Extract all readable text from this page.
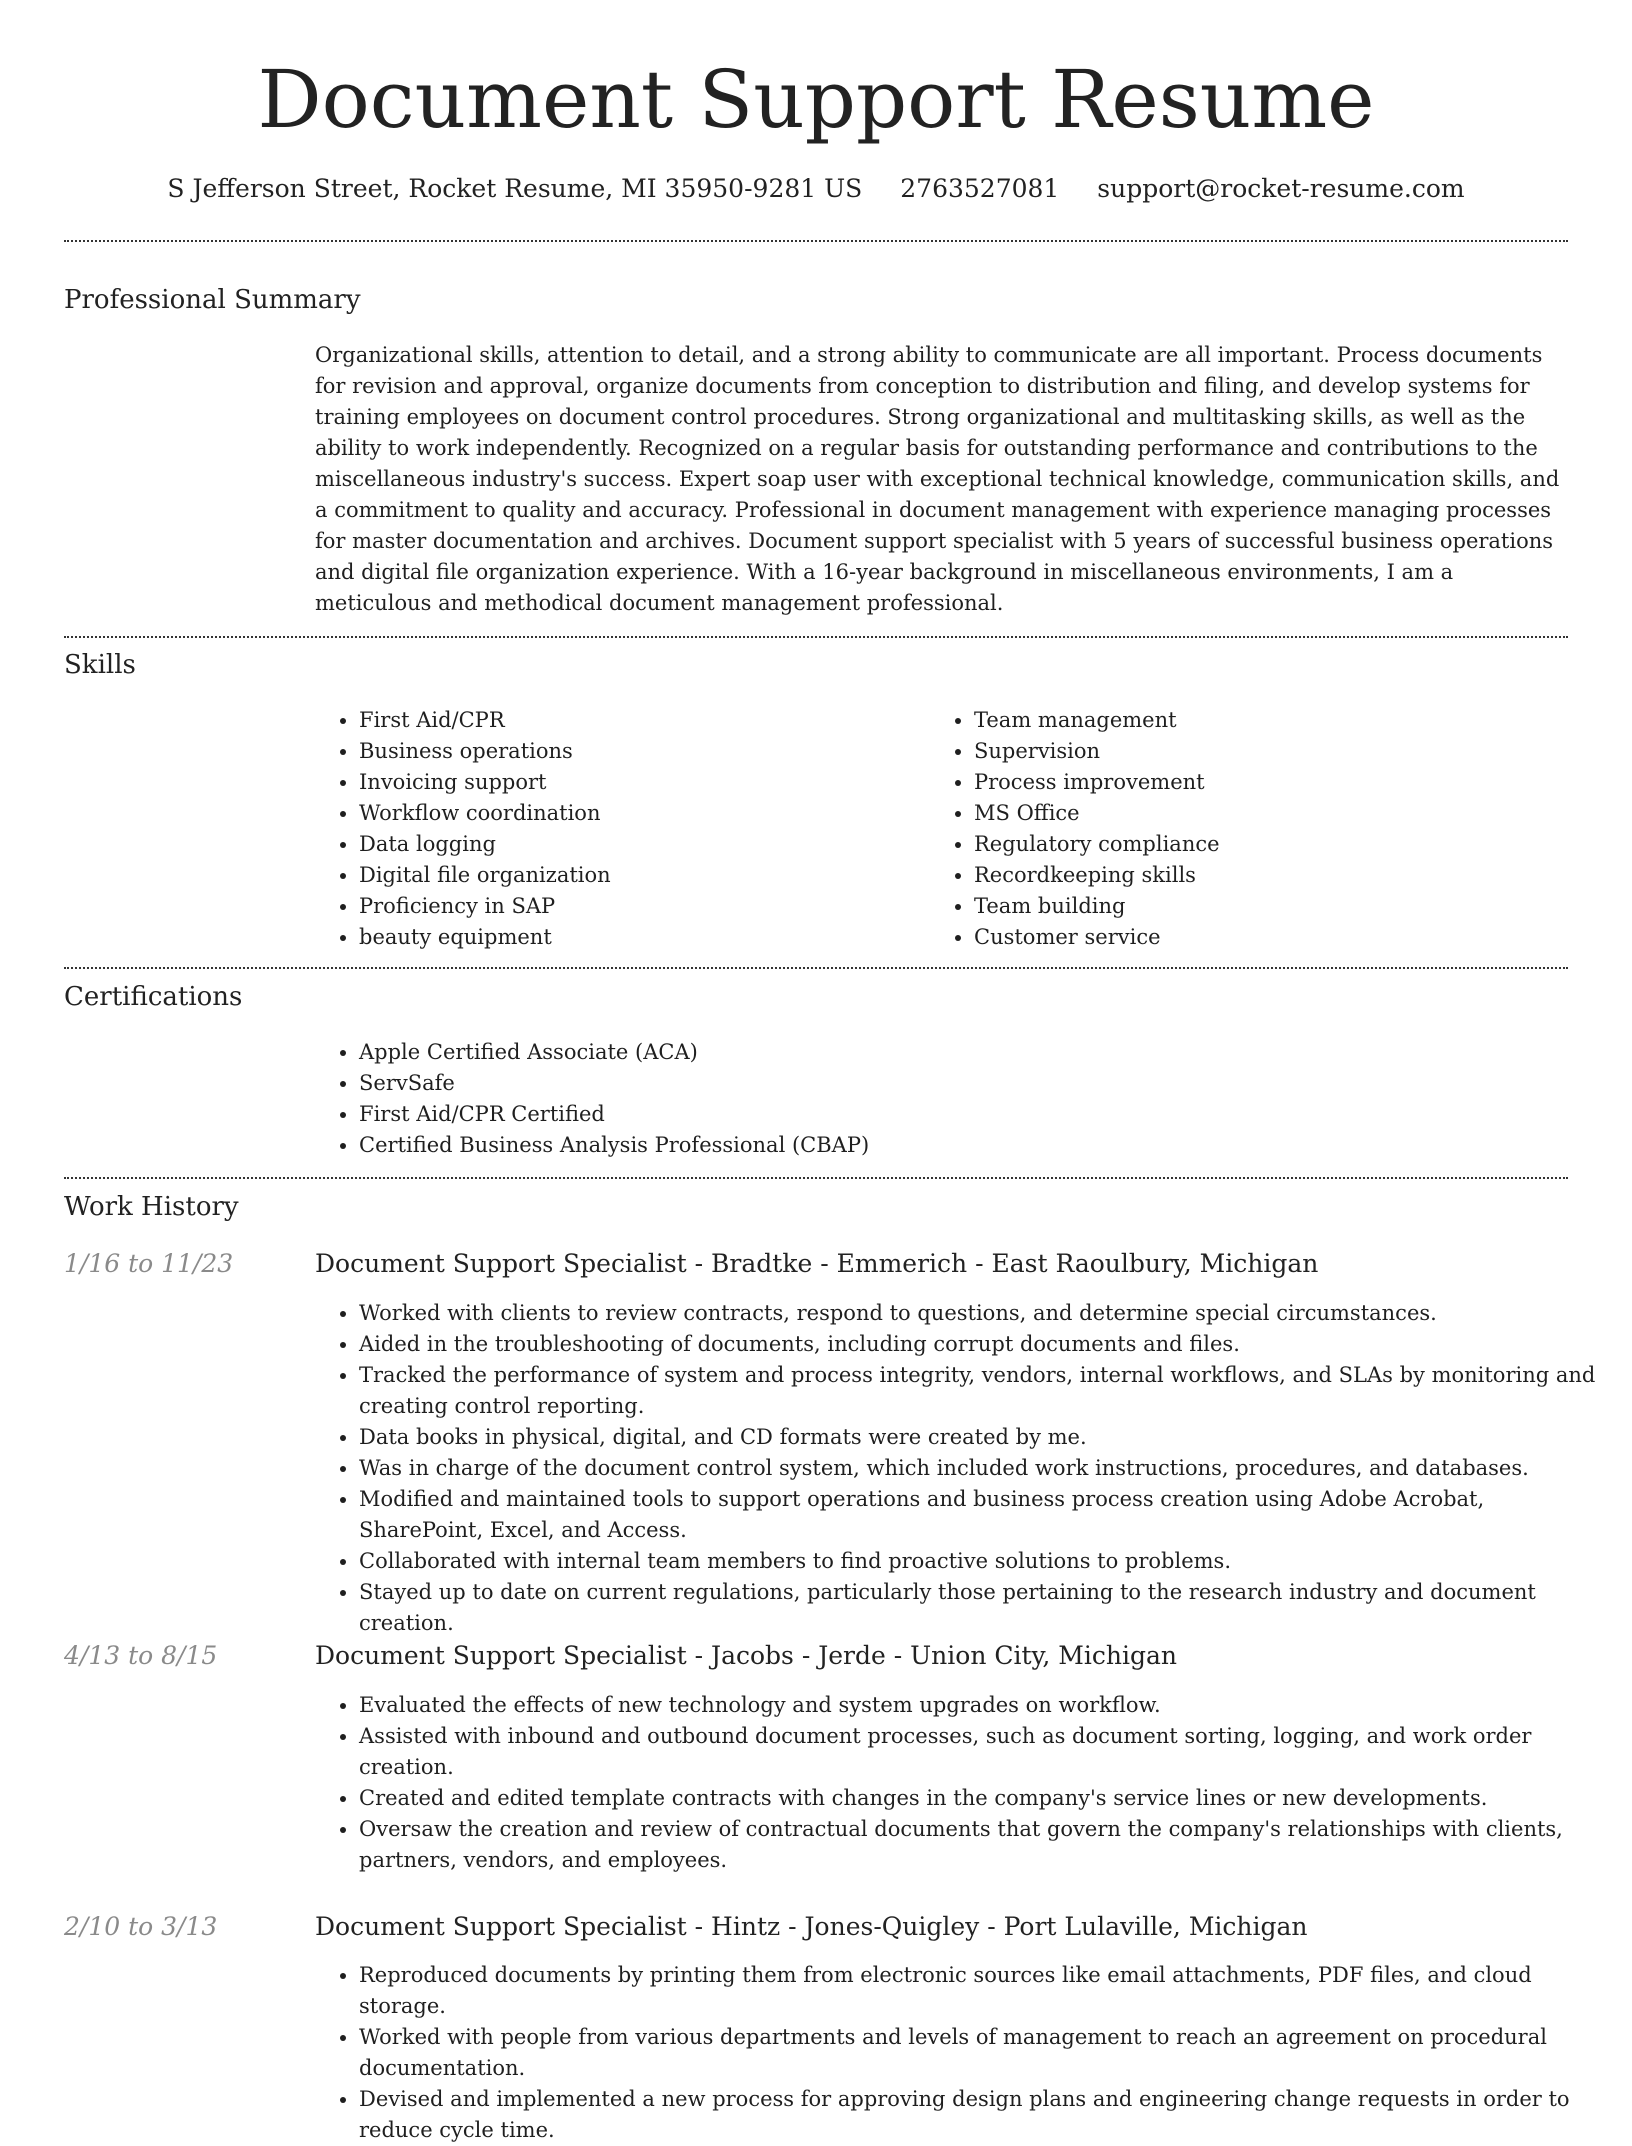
Document Support Resume
S Jefferson Street, Rocket Resume, MI 35950-9281 US 2763527081 support@rocket-resume.com
Professional Summary

Organizational skills, attention to detail, and a strong ability to communicate are all important. Process documents for revision and approval, organize documents from conception to distribution and filing, and develop systems for training employees on document control procedures. Strong organizational and multitasking skills, as well as the ability to work independently. Recognized on a regular basis for outstanding performance and contributions to the miscellaneous industry's success. Expert soap user with exceptional technical knowledge, communication skills, and a commitment to quality and accuracy. Professional in document management with experience managing processes for master documentation and archives. Document support specialist with 5 years of successful business operations and digital file organization experience. With a 16-year background in miscellaneous environments, I am a meticulous and methodical document management professional.

Skills
• First Aid/CPR
• Business operations
• Invoicing support
• Workflow coordination
• Data logging
• Digital file organization
• Proficiency in SAP
• beauty equipment
• Team management
• Supervision
• Process improvement
• MS Office
• Regulatory compliance
• Recordkeeping skills
• Team building
• Customer service
Certifications
• Apple Certified Associate (ACA)
• ServSafe
• First Aid/CPR Certified
• Certified Business Analysis Professional (CBAP)
Work History
1/16 to 11/23	Document Support Specialist - Bradtke - Emmerich - East Raoulbury, Michigan
• Worked with clients to review contracts, respond to questions, and determine special circumstances.
• Aided in the troubleshooting of documents, including corrupt documents and files.
• Tracked the performance of system and process integrity, vendors, internal workflows, and SLAs by monitoring and creating control reporting.
• Data books in physical, digital, and CD formats were created by me.
• Was in charge of the document control system, which included work instructions, procedures, and databases.
• Modified and maintained tools to support operations and business process creation using Adobe Acrobat, SharePoint, Excel, and Access.
• Collaborated with internal team members to find proactive solutions to problems.
• Stayed up to date on current regulations, particularly those pertaining to the research industry and document creation.
4/13 to 8/15	Document Support Specialist - Jacobs - Jerde - Union City, Michigan
• Evaluated the effects of new technology and system upgrades on workflow.
• Assisted with inbound and outbound document processes, such as document sorting, logging, and work order creation.
• Created and edited template contracts with changes in the company's service lines or new developments.
• Oversaw the creation and review of contractual documents that govern the company's relationships with clients, partners, vendors, and employees.
2/10 to 3/13	Document Support Specialist - Hintz - Jones-Quigley - Port Lulaville, Michigan
• Reproduced documents by printing them from electronic sources like email attachments, PDF files, and cloud storage.
• Worked with people from various departments and levels of management to reach an agreement on procedural documentation.
• Devised and implemented a new process for approving design plans and engineering change requests in order to reduce cycle time.
